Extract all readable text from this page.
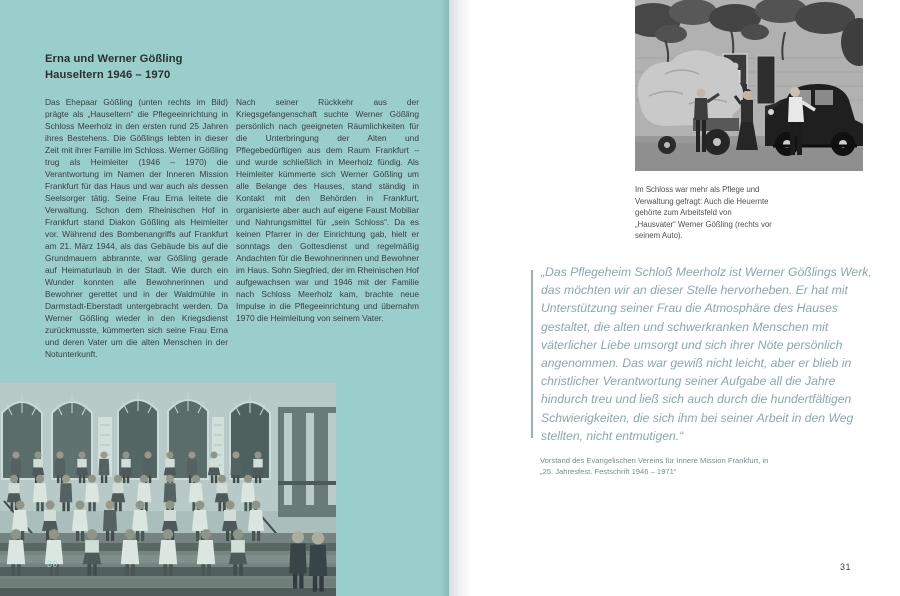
Erna und Werner Gößling
Hauseltern 1946 – 1970

Das Ehepaar Gößling (unten rechts im Bild) prägte als „Hauseltern“ die Pflegeeinrichtung in Schloss Meerholz in den ersten rund 25 Jahren ihres Bestehens. Die Gößlings lebten in dieser Zeit mit ihrer Familie im Schloss. Werner Gößling trug als Heimleiter (1946 – 1970) die Verantwortung im Namen der Inneren Mission Frankfurt für das Haus und war auch als dessen Seelsorger tätig. Seine Frau Erna leitete die Verwaltung. Schon dem Rheinischen Hof in Frankfurt stand Diakon Gößling als Heimleiter vor. Während des Bombenangriffs auf Frankfurt am 21. März 1944, als das Gebäude bis auf die Grundmauern abbrannte, war Gößling gerade auf Heimaturlaub in der Stadt. Wie durch ein Wunder konnten alle Bewohnerinnen und Bewohner gerettet und in der Waldmühle in Darmstadt-Eberstadt untergebracht werden. Da Werner Gößling wieder in den Kriegsdienst zurückmusste, kümmerten sich seine Frau Erna und deren Vater um die alten Menschen in der Notunterkunft.

Nach seiner Rückkehr aus der Kriegsgefangenschaft suchte Werner Gößling persönlich nach geeigneten Räumlichkeiten für die Unterbringung der Alten und Pflegebedürftigen aus dem Raum Frankfurt – und wurde schließlich in Meerholz fündig. Als Heimleiter kümmerte sich Werner Gößling um alle Belange des Hauses, stand ständig in Kontakt mit den Behörden in Frankfurt, organisierte aber auch auf eigene Faust Mobiliar und Nahrungsmittel für „sein Schloss“. Da es keinen Pfarrer in der Einrichtung gab, hielt er sonntags den Gottesdienst und regelmäßig Andachten für die Bewohnerinnen und Bewohner im Haus. Sohn Siegfried, der im Rheinischen Hof aufgewachsen war und 1946 mit der Familie nach Schloss Meerholz kam, brachte neue Impulse in die Pflegeeinrichtung und übernahm 1970 die Heimleitung von seinem Vater.

30
Im Schloss war mehr als Pflege und Verwaltung gefragt: Auch die Heuernte gehörte zum Arbeitsfeld von „Hausvater“ Werner Gößling (rechts vor seinem Auto).

„Das Pflegeheim Schloß Meerholz ist Werner Gößlings Werk, das möchten wir an dieser Stelle hervorheben. Er hat mit Unterstützung seiner Frau die Atmosphäre des Hauses gestaltet, die alten und schwerkranken Menschen mit väterlicher Liebe umsorgt und sich ihrer Nöte persönlich angenommen. Das war gewiß nicht leicht, aber er blieb in christlicher Verantwortung seiner Aufgabe all die Jahre hindurch treu und ließ sich auch durch die hundertfältigen Schwierigkeiten, die sich ihm bei seiner Arbeit in den Weg stellten, nicht entmutigen.“

Vorstand des Evangelischen Vereins für Innere Mission Frankfurt, in
„25. Jahresfest. Festschrift 1946 – 1971“
31
